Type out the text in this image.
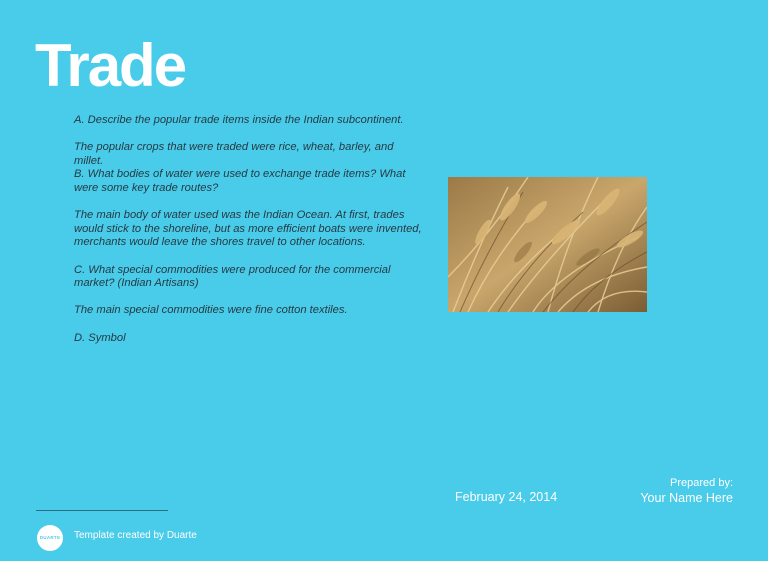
Trade

A. Describe the popular trade items inside the Indian subcontinent.

The popular crops that were traded were rice, wheat, barley, and millet.

B. What bodies of water were used to exchange trade items? What were some key trade routes?

The main body of water used was the Indian Ocean. At first, trades would stick to the shoreline, but as more efficient boats were invented, merchants would leave the shores travel to other locations.

C. What special commodities were produced for the commercial market? (Indian Artisans)

The main special commodities were fine cotton textiles.

D. Symbol

February 24, 2014
Prepared by:
Your Name Here
DUARTE Template created by Duarte
